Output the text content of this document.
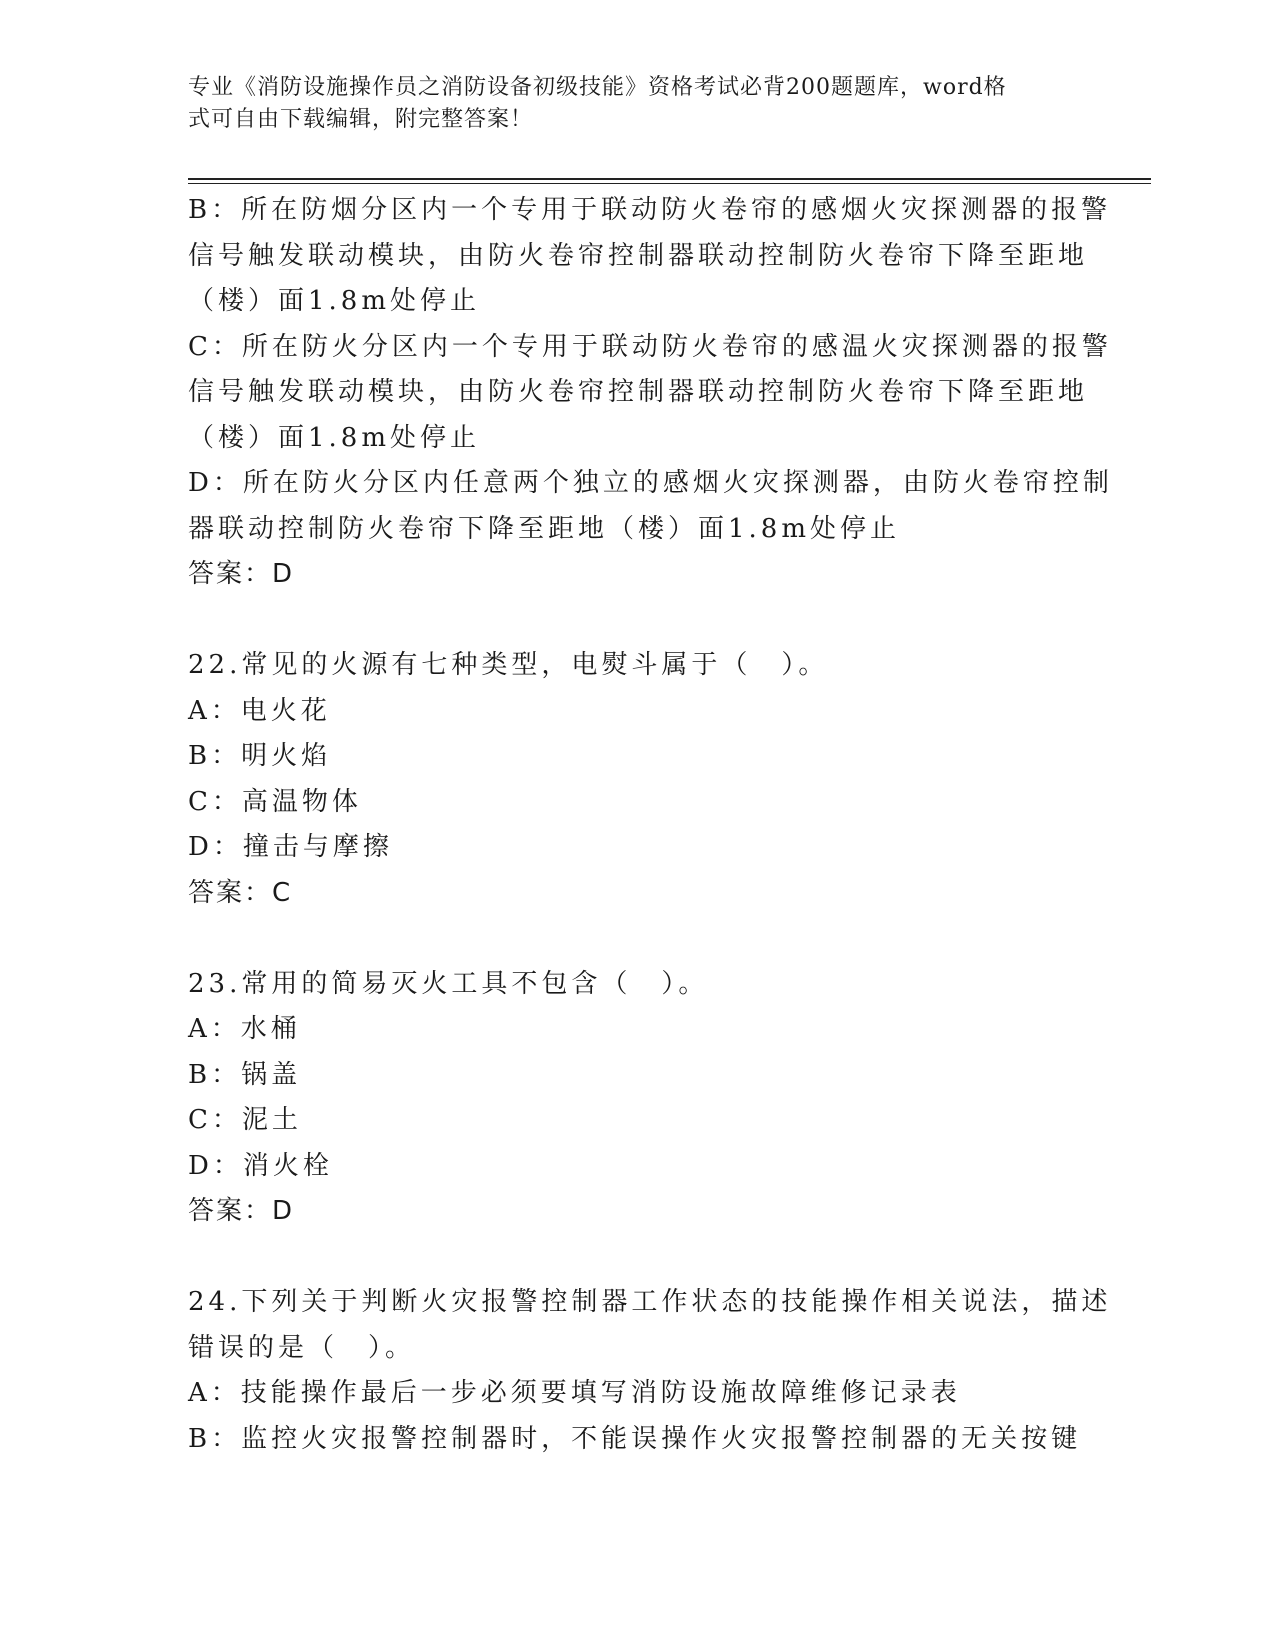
专业《消防设施操作员之消防设备初级技能》资格考试必背200题题库，word格
式可自由下载编辑，附完整答案！
B：所在防烟分区内一个专用于联动防火卷帘的感烟火灾探测器的报警
信号触发联动模块，由防火卷帘控制器联动控制防火卷帘下降至距地
（楼）面1.8m处停止
C：所在防火分区内一个专用于联动防火卷帘的感温火灾探测器的报警
信号触发联动模块，由防火卷帘控制器联动控制防火卷帘下降至距地
（楼）面1.8m处停止
D：所在防火分区内任意两个独立的感烟火灾探测器，由防火卷帘控制
器联动控制防火卷帘下降至距地（楼）面1.8m处停止
答案：D
22.常见的火源有七种类型，电熨斗属于（　）。
A：电火花
B：明火焰
C：高温物体
D：撞击与摩擦
答案：C
23.常用的简易灭火工具不包含（　）。
A：水桶
B：锅盖
C：泥土
D：消火栓
答案：D
24.下列关于判断火灾报警控制器工作状态的技能操作相关说法，描述
错误的是（　）。
A：技能操作最后一步必须要填写消防设施故障维修记录表
B：监控火灾报警控制器时，不能误操作火灾报警控制器的无关按键
